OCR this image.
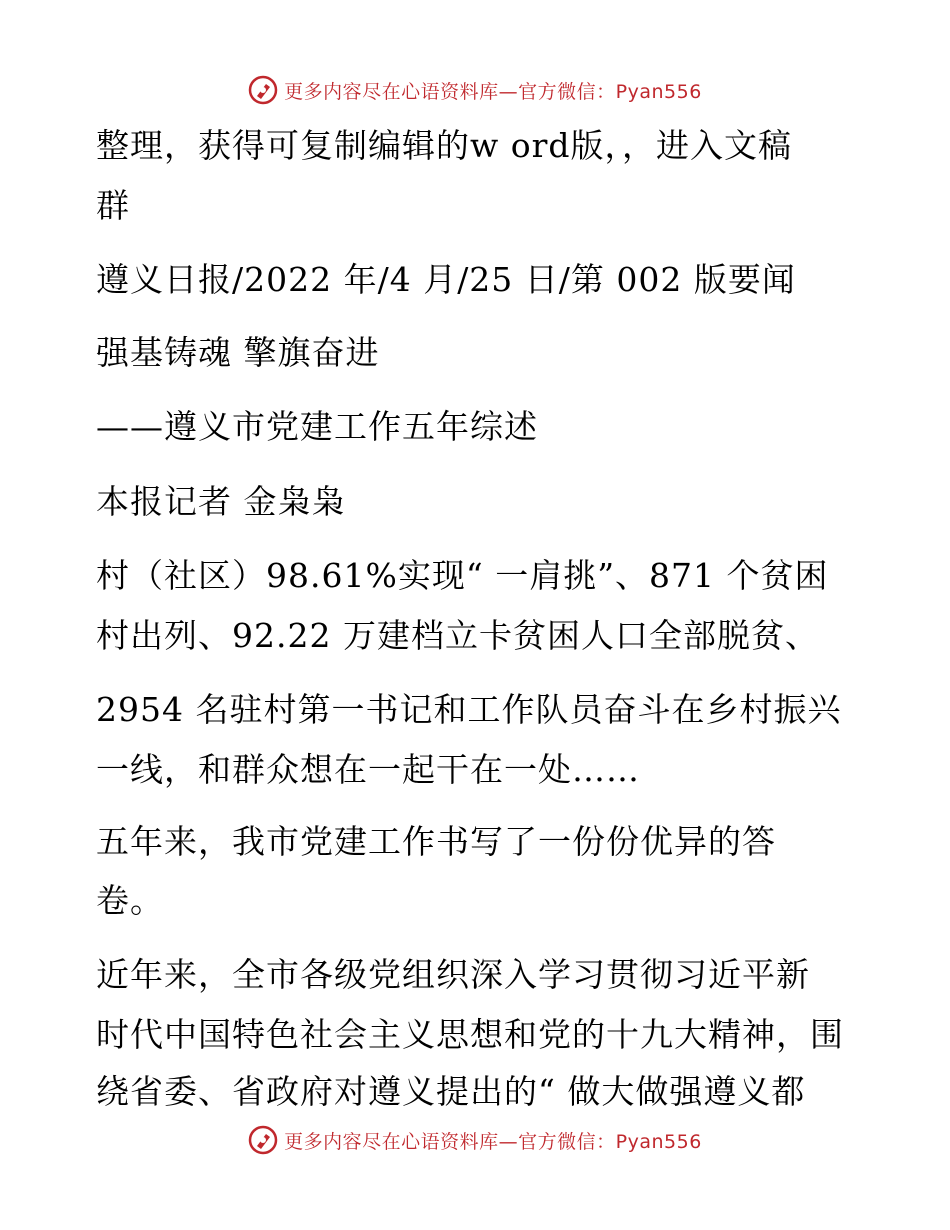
更多内容尽在心语资料库—官方微信：Pyan556
整理，获得可复制编辑的w ord版，，进入文稿
群
遵义日报/2022 年/4 月/25 日/第 002 版要闻
强基铸魂 擎旗奋进
——遵义市党建工作五年综述
本报记者 金枭枭
村（社区）98.61%实现“ 一肩挑”、871 个贫困
村出列、92.22 万建档立卡贫困人口全部脱贫、
2954 名驻村第一书记和工作队员奋斗在乡村振兴
一线，和群众想在一起干在一处……
五年来，我市党建工作书写了一份份优异的答
卷。
近年来，全市各级党组织深入学习贯彻习近平新
时代中国特色社会主义思想和党的十九大精神，围
绕省委、省政府对遵义提出的“ 做大做强遵义都
更多内容尽在心语资料库—官方微信：Pyan556
